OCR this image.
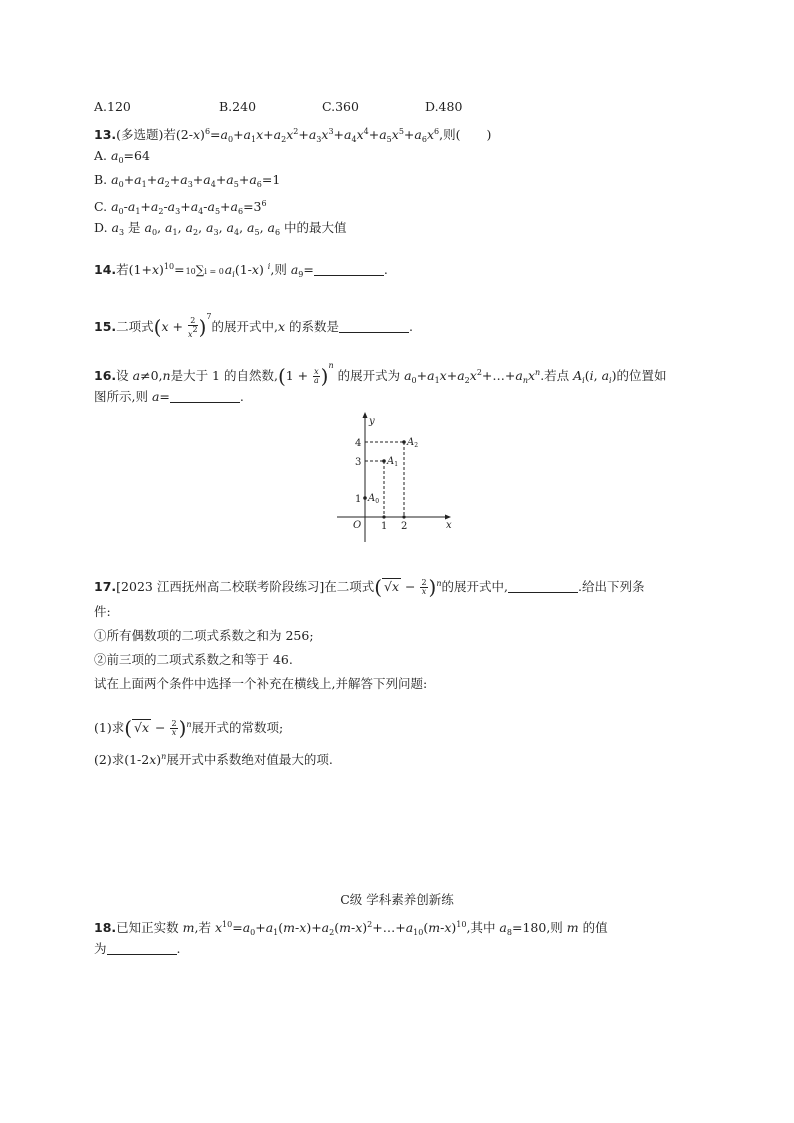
A.120	B.240	C.360	D.480
13.(多选题)若$(2-x)^6=a_0+a_1x+a_2x^2+a_3x^3+a_4x^4+a_5x^5+a_6x^6$,则( )
A. $a_0=64$
B. $a_0+a_1+a_2+a_3+a_4+a_5+a_6=1$
C. $a_0-a_1+a_2-a_3+a_4-a_5+a_6=3^6$
D. $a_3$ 是 $a_0$, $a_1$, $a_2$, $a_3$, $a_4$, $a_5$, $a_6$ 中的最大值
14.若$(1+x)^{10}=10\sum i = 0a_i(1-x)$ $^i$,则 $a_9=$	.
15.二项式$(x + \frac{2}{x^2} )^7$的展开式中,x 的系数是	.
16.设 a≠0,n是大于 1 的自然数$,(1 + \frac{x}{a} )^n$ 的展开式为 $a_0+a_1x+a_2x^2+\dots+a_nx^n$.若点 $A_i(i$, $a_i$)的位置如
图所示,则 a=	.
y
x
O
1
3
4
1 2
$A_0$
$A_1$
$A_2$
17.[2023 江西抚州高二校联考阶段练习]在二项式( $√x - \frac{2}{x} )^n$的展开式中,	.给出下列条
件:
①所有偶数项的二项式系数之和为 256;
②前三项的二项式系数之和等于 46.
试在上面两个条件中选择一个补充在横线上,并解答下列问题:
(1)求( $√x - \frac{2}{x} )^n$展开式的常数项;
(2)求$(1-2x)^n$展开式中系数绝对值最大的项.
C级 学科素养创新练
18.已知正实数 m,若 $x^{10}=a_0+a_1(m-x)+a_2(m-x)^2+\dots+a_{10}(m-x)^{10}$,其中 $a_8=180$,则 m 的值
为	.
